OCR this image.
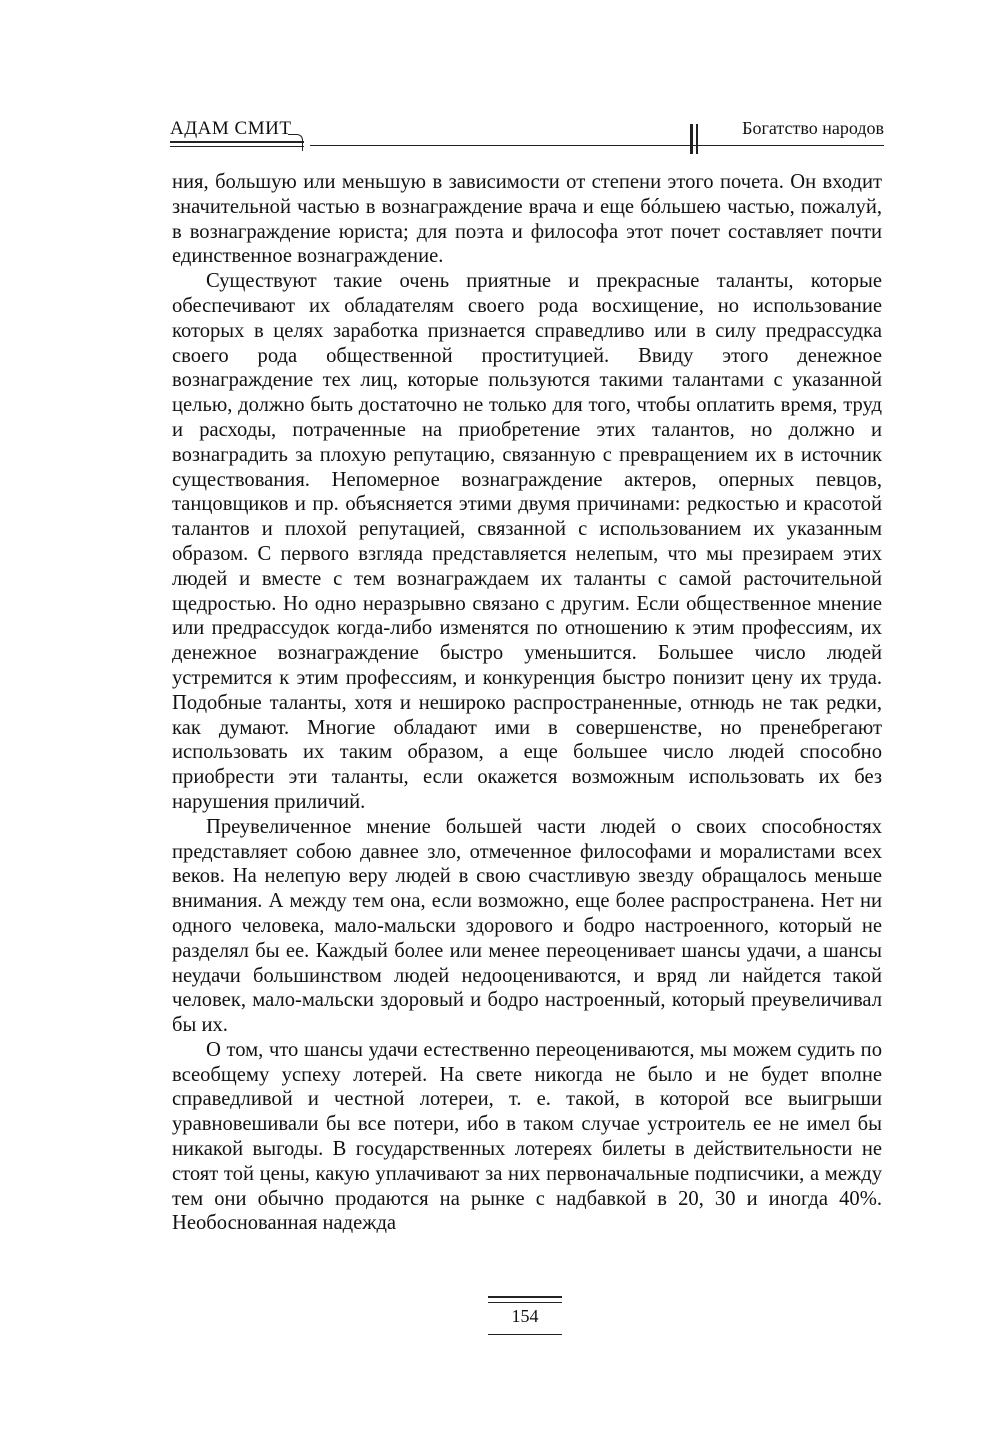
АДАМ СМИТ	Богатство народов

ния, большую или меньшую в зависимости от степени этого почета. Он входит значительной частью в вознаграждение врача и еще бóльшею частью, пожалуй, в вознаграждение юриста; для поэта и философа этот почет составляет почти единственное вознаграждение.

Существуют такие очень приятные и прекрасные таланты, которые обеспечивают их обладателям своего рода восхищение, но использование которых в целях заработка признается справедливо или в силу предрассудка своего рода общественной проституцией. Ввиду этого денежное вознаграждение тех лиц, которые пользуются такими талантами с указанной целью, должно быть достаточно не только для того, чтобы оплатить время, труд и расходы, потраченные на приобретение этих талантов, но должно и вознаградить за плохую репутацию, связанную с превращением их в источник существования. Непомерное вознаграждение актеров, оперных певцов, танцовщиков и пр. объясняется этими двумя причинами: редкостью и красотой талантов и плохой репутацией, связанной с использованием их указанным образом. С первого взгляда представляется нелепым, что мы презираем этих людей и вместе с тем вознаграждаем их таланты с самой расточительной щедростью. Но одно неразрывно связано с другим. Если общественное мнение или предрассудок когда-либо изменятся по отношению к этим профессиям, их денежное вознаграждение быстро уменьшится. Большее число людей устремится к этим профессиям, и конкуренция быстро понизит цену их труда. Подобные таланты, хотя и нешироко распространенные, отнюдь не так редки, как думают. Многие обладают ими в совершенстве, но пренебрегают использовать их таким образом, а еще большее число людей способно приобрести эти таланты, если окажется возможным использовать их без нарушения приличий.

Преувеличенное мнение большей части людей о своих способностях представляет собою давнее зло, отмеченное философами и моралистами всех веков. На нелепую веру людей в свою счастливую звезду обращалось меньше внимания. А между тем она, если возможно, еще более распространена. Нет ни одного человека, мало-мальски здорового и бодро настроенного, который не разделял бы ее. Каждый более или менее переоценивает шансы удачи, а шансы неудачи большинством людей недооцениваются, и вряд ли найдется такой человек, мало-мальски здоровый и бодро настроенный, который преувеличивал бы их.

О том, что шансы удачи естественно переоцениваются, мы можем судить по всеобщему успеху лотерей. На свете никогда не было и не будет вполне справедливой и честной лотереи, т. е. такой, в которой все выигрыши уравновешивали бы все потери, ибо в таком случае устроитель ее не имел бы никакой выгоды. В государственных лотереях билеты в действительности не стоят той цены, какую уплачивают за них первоначальные подписчики, а между тем они обычно продаются на рынке с надбавкой в 20, 30 и иногда 40%. Необоснованная надежда

154
